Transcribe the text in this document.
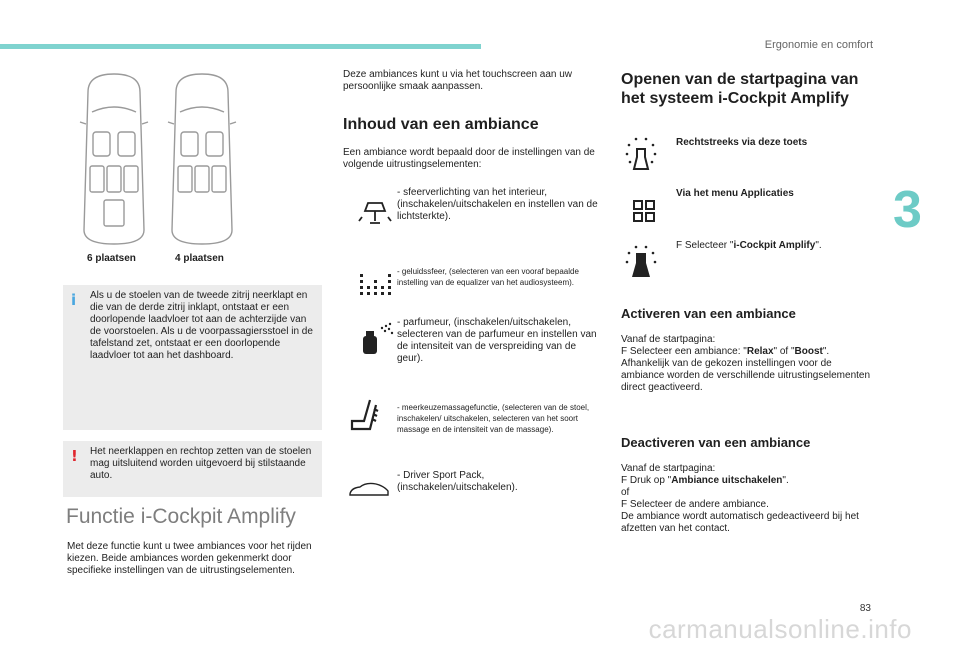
Ergonomie en comfort
3
6 plaatsen	4 plaatsen
i Als u de stoelen van de tweede zitrij neerklapt en die van de derde zitrij inklapt, ontstaat er een doorlopende laadvloer tot aan de achterzijde van de voorstoelen. Als u de voorpassagiersstoel in de tafelstand zet, ontstaat er een doorlopende laadvloer tot aan het dashboard.
! Het neerklappen en rechtop zetten van de stoelen mag uitsluitend worden uitgevoerd bij stilstaande auto.
Functie i-Cockpit Amplify
Met deze functie kunt u twee ambiances voor het rijden kiezen. Beide ambiances worden gekenmerkt door specifieke instellingen van de uitrustingselementen.
Deze ambiances kunt u via het touchscreen aan uw persoonlijke smaak aanpassen.
Inhoud van een ambiance
Een ambiance wordt bepaald door de instellingen van de volgende uitrustingselementen:
- sfeerverlichting van het interieur, (inschakelen/uitschakelen en instellen van de lichtsterkte).
- geluidssfeer, (selecteren van een vooraf bepaalde instelling van de equalizer van het audiosysteem).
- parfumeur, (inschakelen/uitschakelen, selecteren van de parfumeur en instellen van de intensiteit van de verspreiding van de geur).
- meerkeuzemassagefunctie, (selecteren van de stoel, inschakelen/ uitschakelen, selecteren van het soort massage en de intensiteit van de massage).
- Driver Sport Pack, (inschakelen/uitschakelen).
Openen van de startpagina van
het systeem i-Cockpit Amplify
Rechtstreeks via deze toets
Via het menu Applicaties
F Selecteer "i-Cockpit Amplify".
Activeren van een ambiance
Vanaf de startpagina:
F Selecteer een ambiance: "Relax" of "Boost".
Afhankelijk van de gekozen instellingen voor de ambiance worden de verschillende uitrustingselementen direct geactiveerd.
Deactiveren van een ambiance
Vanaf de startpagina:
F Druk op "Ambiance uitschakelen".
of
F Selecteer de andere ambiance.
De ambiance wordt automatisch gedeactiveerd bij het afzetten van het contact.
83
carmanualsonline.info
